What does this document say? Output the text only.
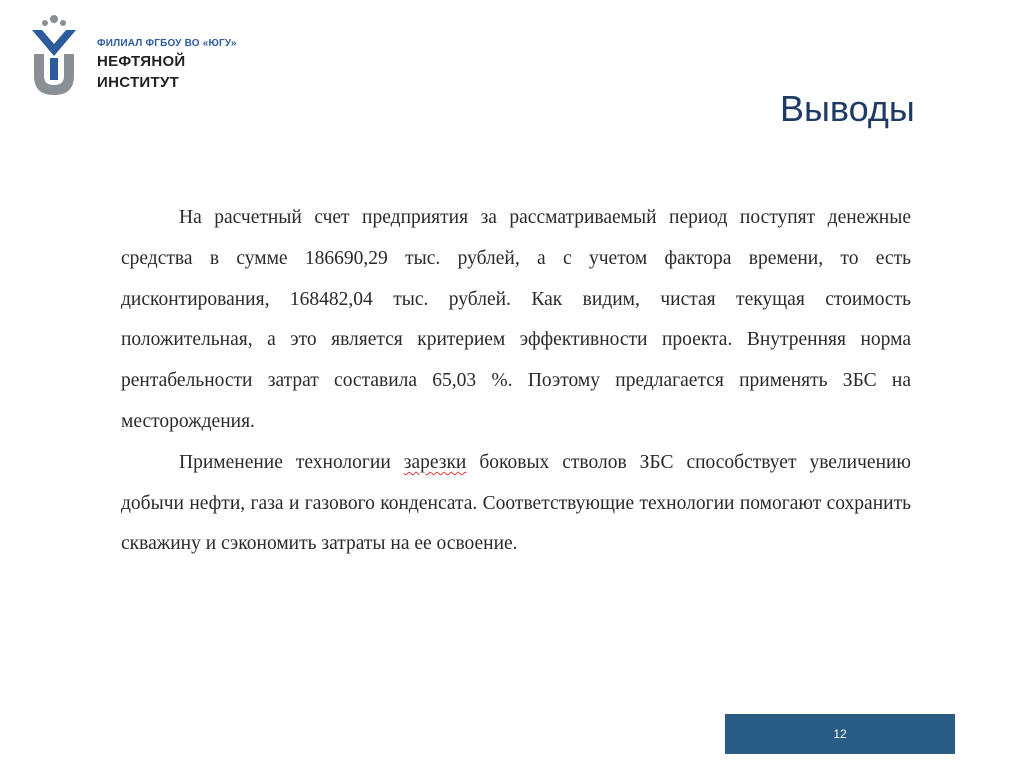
ФИЛИАЛ ФГБОУ ВО «ЮГУ»
НЕФТЯНОЙ
ИНСТИТУТ
Выводы

На расчетный счет предприятия за рассматриваемый период поступят денежные средства в сумме 186690,29 тыс. рублей, а с учетом фактора времени, то есть дисконтирования, 168482,04 тыс. рублей. Как видим, чистая текущая стоимость положительная, а это является критерием эффективности проекта. Внутренняя норма рентабельности затрат составила 65,03 %. Поэтому предлагается применять ЗБС на месторождения.

Применение технологии зарезки боковых стволов ЗБС способствует увеличению добычи нефти, газа и газового конденсата. Соответствующие технологии помогают сохранить скважину и сэкономить затраты на ее освоение.

12
